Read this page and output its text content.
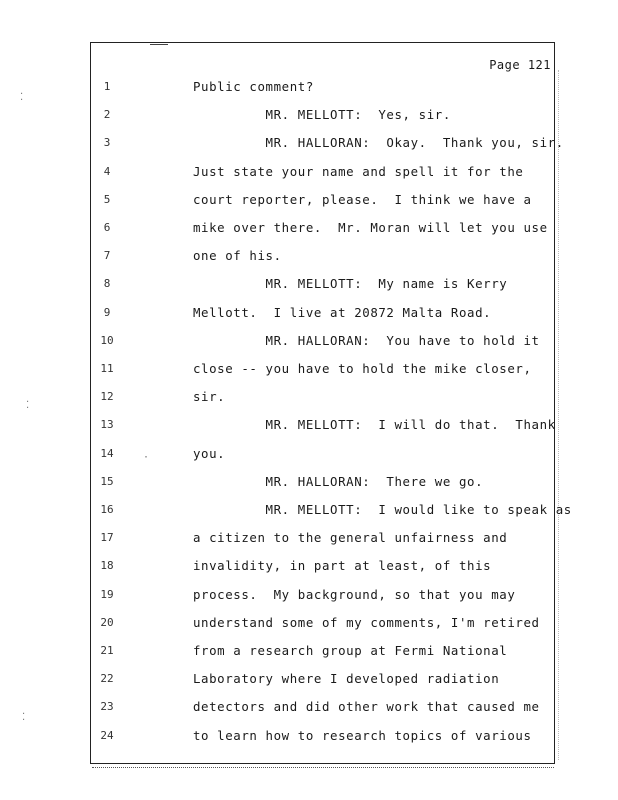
⁚
⁚
⁚
·
Page 121
1	Public comment?
2	MR. MELLOTT:  Yes, sir.
3	MR. HALLORAN:  Okay.  Thank you, sir.
4	Just state your name and spell it for the
5	court reporter, please.  I think we have a
6	mike over there.  Mr. Moran will let you use
7	one of his.
8	MR. MELLOTT:  My name is Kerry
9	Mellott.  I live at 20872 Malta Road.
10	MR. HALLORAN:  You have to hold it
11	close -- you have to hold the mike closer,
12	sir.
13	MR. MELLOTT:  I will do that.  Thank
14	you.
15	MR. HALLORAN:  There we go.
16	MR. MELLOTT:  I would like to speak as
17	a citizen to the general unfairness and
18	invalidity, in part at least, of this
19	process.  My background, so that you may
20	understand some of my comments, I'm retired
21	from a research group at Fermi National
22	Laboratory where I developed radiation
23	detectors and did other work that caused me
24	to learn how to research topics of various
